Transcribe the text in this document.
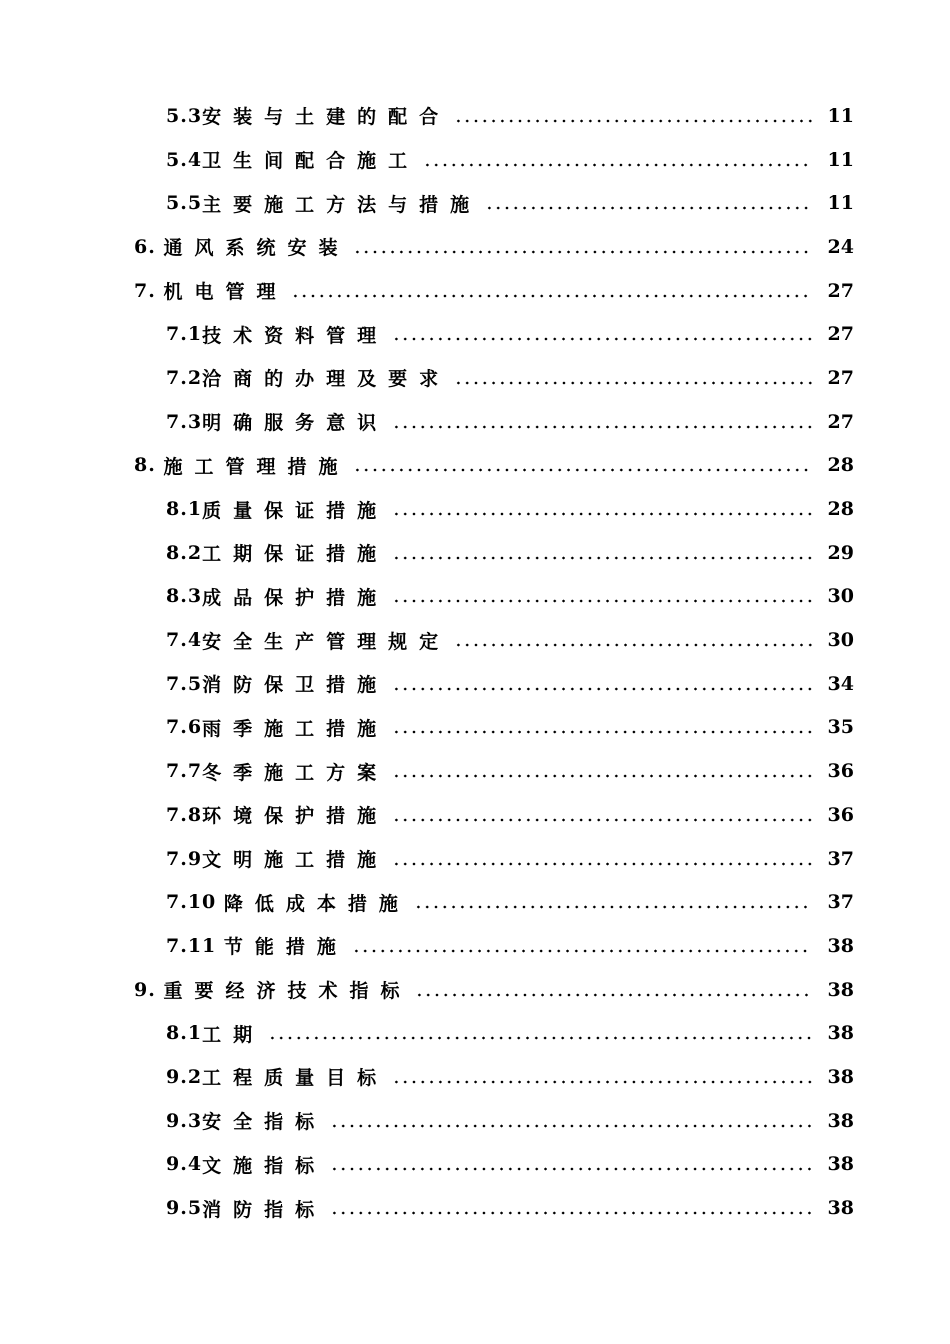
5.3 安装与土建的配合	11
5.4 卫生间配合施工	11
5.5 主要施工方法与措施	11
6. 通风系统安装	24
7. 机电管理	27
7.1 技术资料管理	27
7.2 洽商的办理及要求	27
7.3 明确服务意识	27
8. 施工管理措施	28
8.1 质量保证措施	28
8.2 工期保证措施	29
8.3 成品保护措施	30
7.4 安全生产管理规定	30
7.5 消防保卫措施	34
7.6 雨季施工措施	35
7.7 冬季施工方案	36
7.8 环境保护措施	36
7.9 文明施工措施	37
7.10 降低成本措施	37
7.11 节能措施	38
9. 重要经济技术指标	38
8.1 工期	38
9.2 工程质量目标	38
9.3 安全指标	38
9.4 文施指标	38
9.5 消防指标	38
